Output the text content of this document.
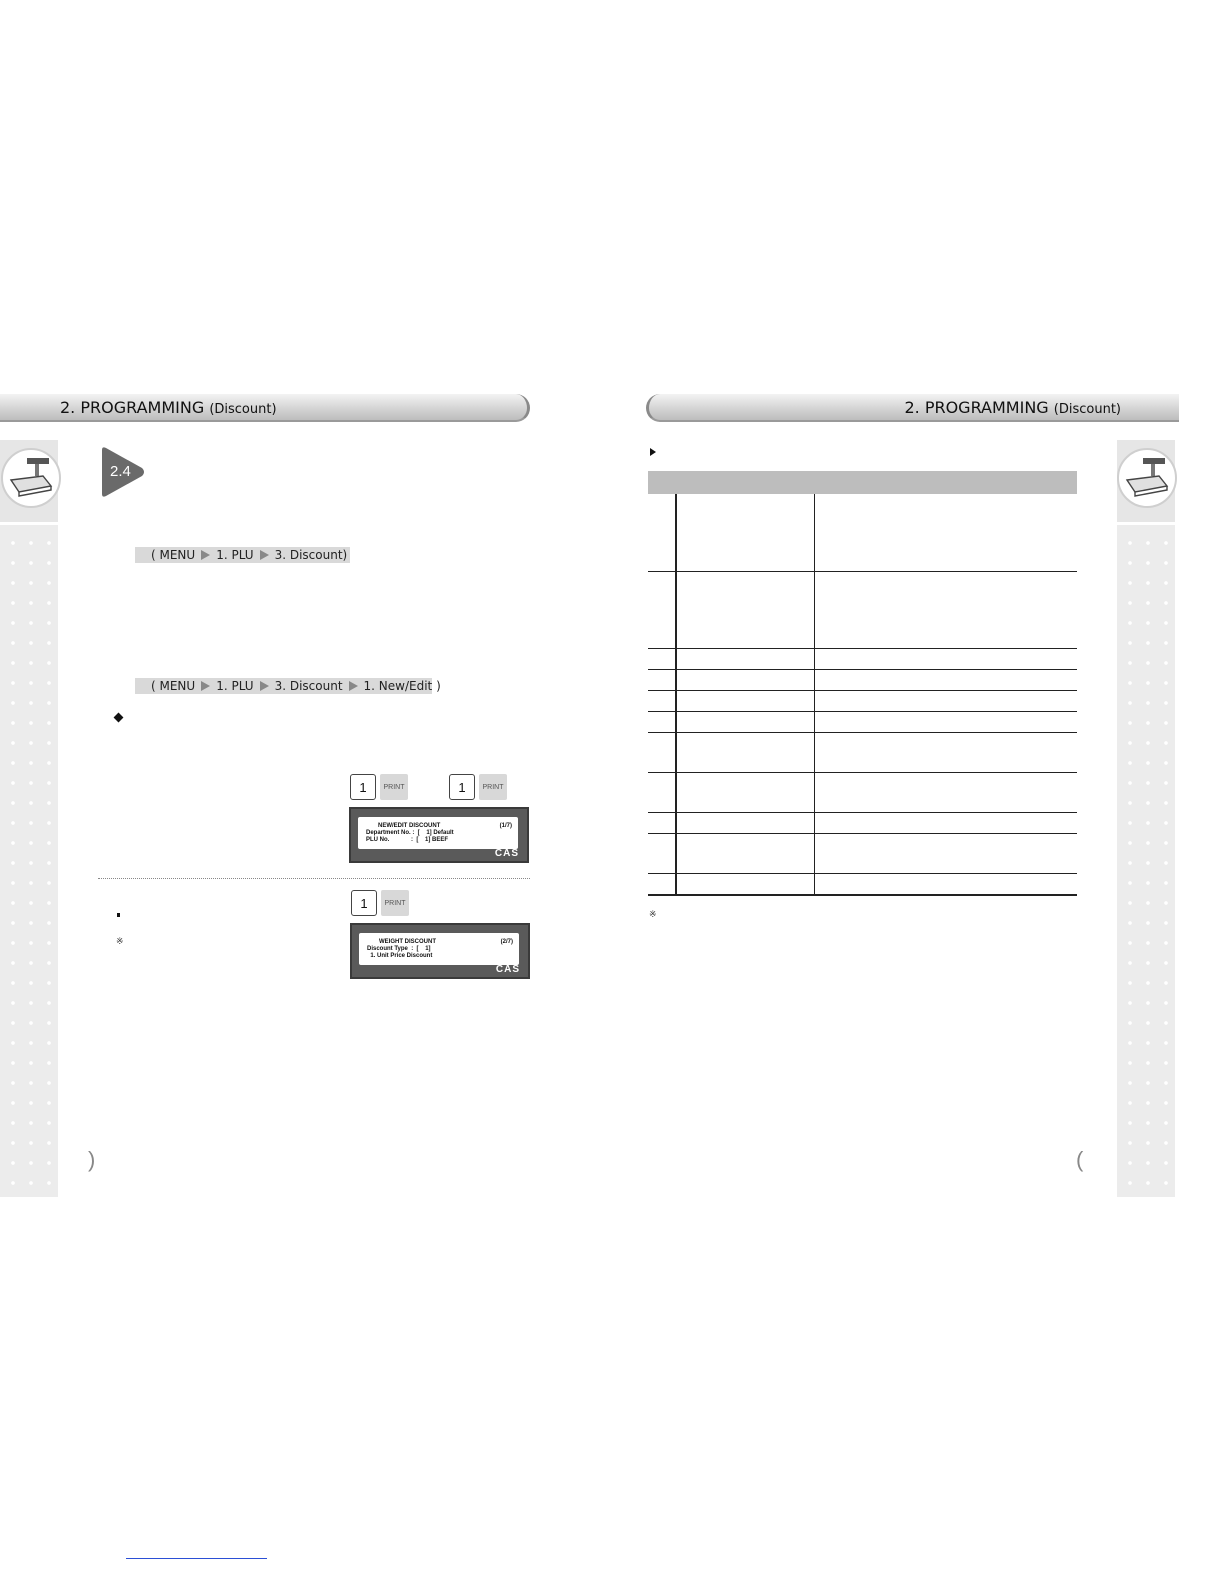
2. PROGRAMMING (Discount)
2.4
( MENU 1. PLU 3. Discount)
( MENU 1. PLU 3. Discount 1. New/Edit )
1	PRINT	1	PRINT
NEW/EDIT DISCOUNT	(1/7)
Department No. :  [    1] Default
PLU No.             :  [    1] BEEF
CAS
1	PRINT
※	WEIGHT DISCOUNT	(2/7)
Discount Type  :  [    1]
1. Unit Price Discount
CAS
)
2. PROGRAMMING (Discount)

※
(
